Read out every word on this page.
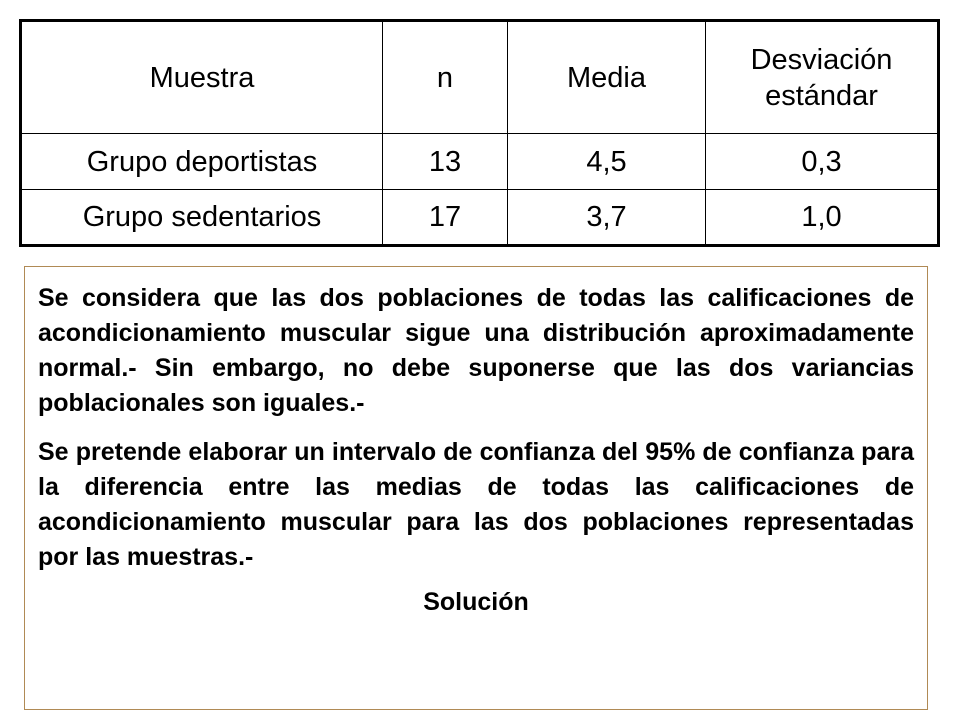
Muestra	n	Media	Desviación estándar
Grupo deportistas	13	4,5	0,3
Grupo sedentarios	17	3,7	1,0

Se considera que las dos poblaciones de todas las calificaciones de acondicionamiento muscular sigue una distribución aproximadamente normal.- Sin embargo, no debe suponerse que las dos variancias poblacionales son iguales.-

Se pretende elaborar un intervalo de confianza del 95% de confianza para la diferencia entre las medias de todas las calificaciones de acondicionamiento muscular para las dos poblaciones representadas por las muestras.-

Solución
